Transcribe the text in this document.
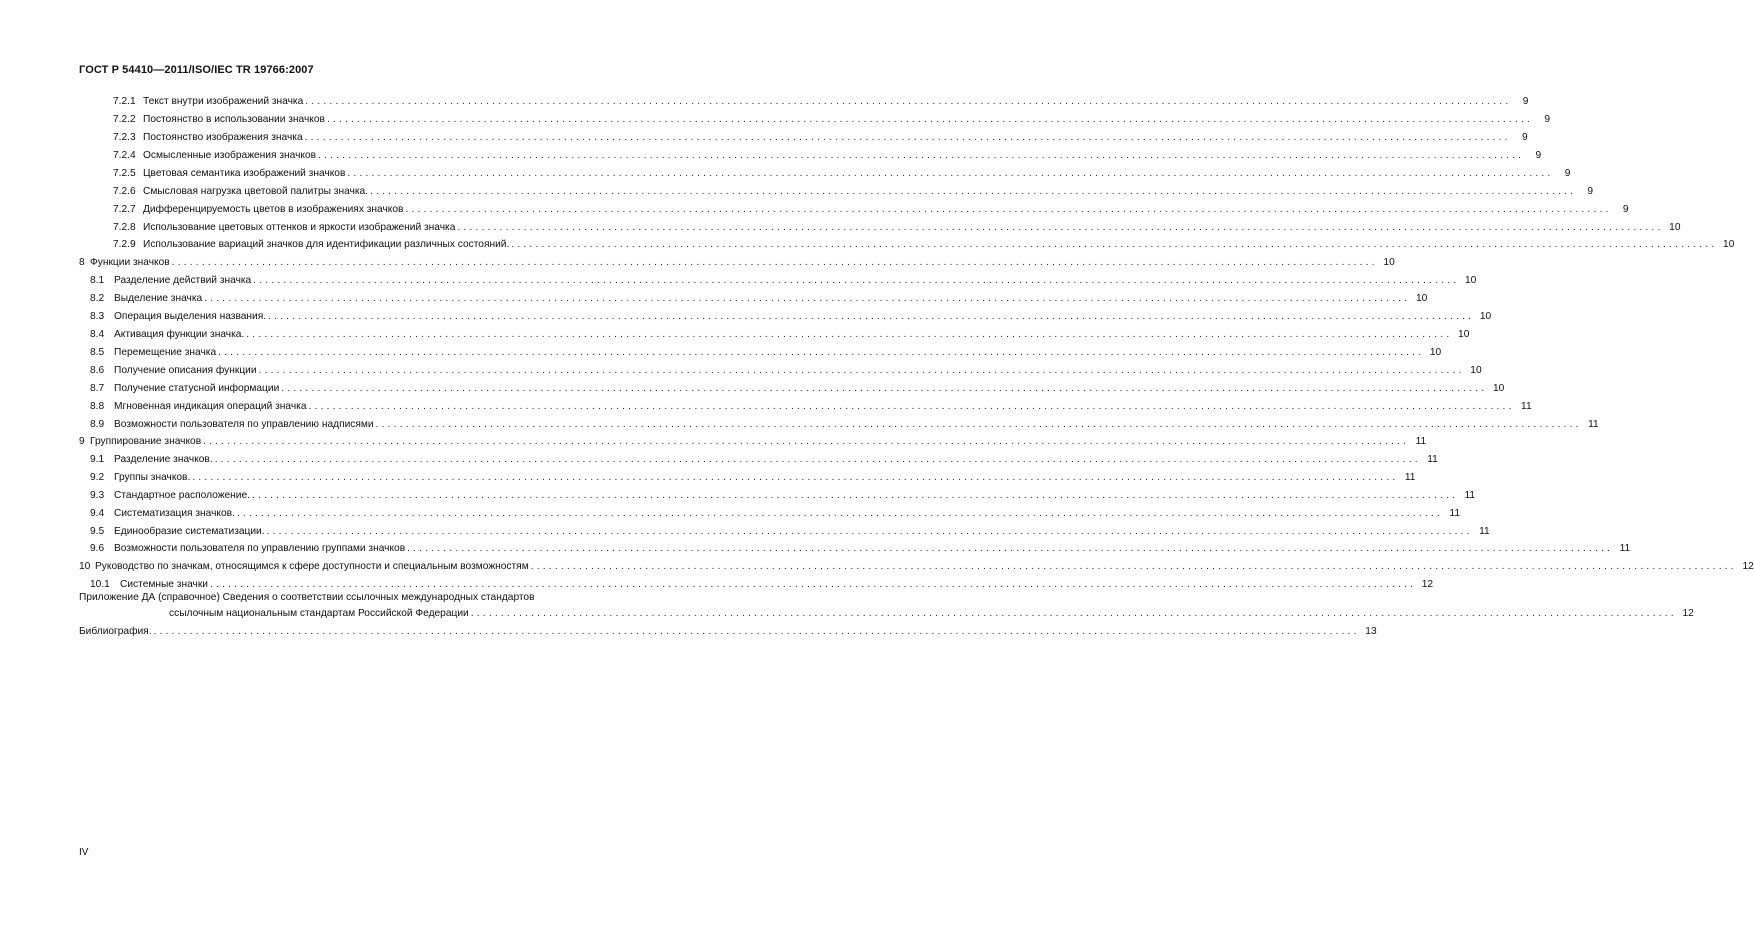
ГОСТ Р 54410—2011/ISO/IEC TR 19766:2007
7.2.1 Текст внутри изображений значка ........................................................................................................................................................................................................	9
7.2.2 Постоянство в использовании значков ........................................................................................................................................................................................................	9
7.2.3 Постоянство изображения значка ........................................................................................................................................................................................................	9
7.2.4 Осмысленные изображения значков ........................................................................................................................................................................................................	9
7.2.5 Цветовая семантика изображений значков ........................................................................................................................................................................................................	9
7.2.6 Смысловая нагрузка цветовой палитры значка. ........................................................................................................................................................................................................	9
7.2.7 Дифференцируемость цветов в изображениях значков ........................................................................................................................................................................................................	9
7.2.8 Использование цветовых оттенков и яркости изображений значка ........................................................................................................................................................................................................ 10
7.2.9 Использование вариаций значков для идентификации различных состояний. ........................................................................................................................................................................................................ 10
8 Функции значков ........................................................................................................................................................................................................ 10
8.1 Разделение действий значка ........................................................................................................................................................................................................ 10
8.2 Выделение значка ........................................................................................................................................................................................................ 10
8.3 Операция выделения названия. ........................................................................................................................................................................................................ 10
8.4 Активация функции значка. ........................................................................................................................................................................................................ 10
8.5 Перемещение значка ........................................................................................................................................................................................................ 10
8.6 Получение описания функции ........................................................................................................................................................................................................ 10
8.7 Получение статусной информации ........................................................................................................................................................................................................ 10
8.8 Мгновенная индикация операций значка ........................................................................................................................................................................................................ 11
8.9 Возможности пользователя по управлению надписями ........................................................................................................................................................................................................ 11
9 Группирование значков ........................................................................................................................................................................................................ 11
9.1 Разделение значков. ........................................................................................................................................................................................................ 11
9.2 Группы значков. ........................................................................................................................................................................................................ 11
9.3 Стандартное расположение. ........................................................................................................................................................................................................ 11
9.4 Систематизация значков. ........................................................................................................................................................................................................ 11
9.5 Единообразие систематизации. ........................................................................................................................................................................................................ 11
9.6 Возможности пользователя по управлению группами значков ........................................................................................................................................................................................................ 11
10 Руководство по значкам, относящимся к сфере доступности и специальным возможностям ........................................................................................................................................................................................................ 12
10.1 Системные значки ........................................................................................................................................................................................................ 12
Приложение ДА (справочное) Сведения о соответствии ссылочных международных стандартов
ссылочным национальным стандартам Российской Федерации ........................................................................................................................................................................................................ 12
Библиография. ........................................................................................................................................................................................................ 13
IV
